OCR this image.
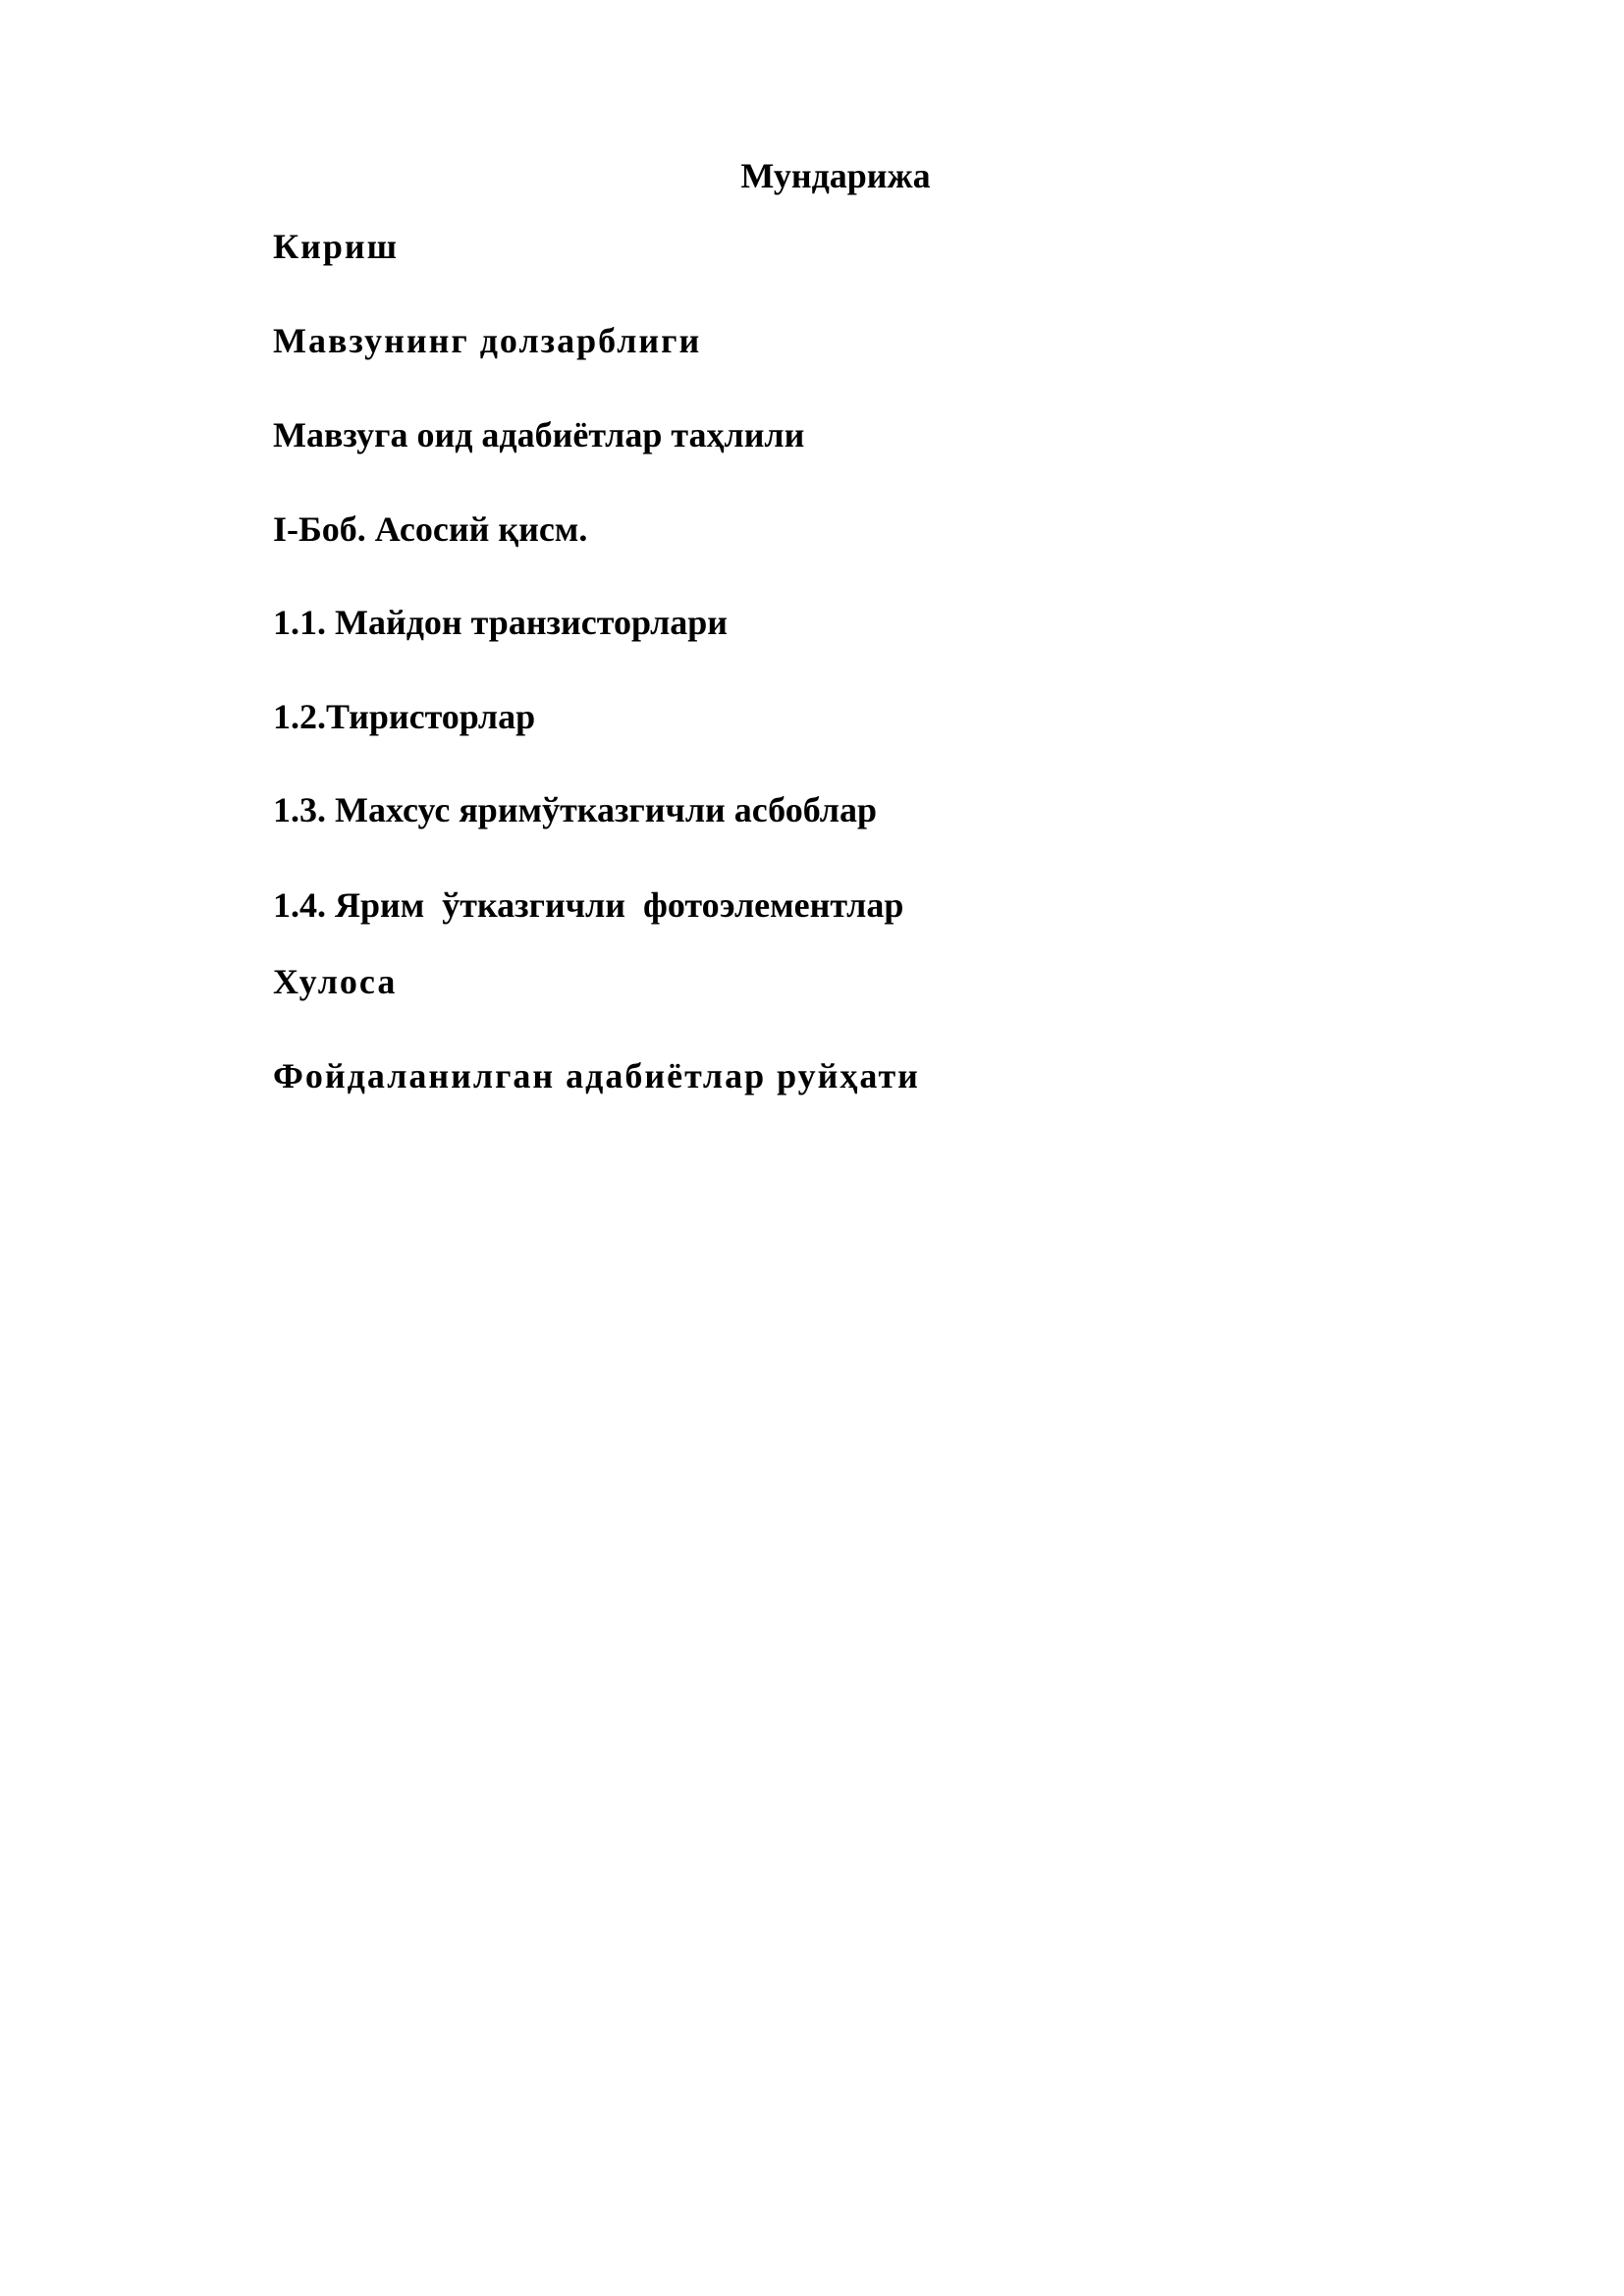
Мундарижа
Кириш
Мавзунинг долзарблиги
Мавзуга оид адабиётлар таҳлили
I-Боб. Асосий қисм.
1.1. Майдон транзисторлари
1.2.Тиристорлар
1.3. Махсус яримўтказгичли асбоблар
1.4. Ярим  ўтказгичли  фотоэлементлар
Хулоса
Фойдаланилган адабиётлар руйҳати
